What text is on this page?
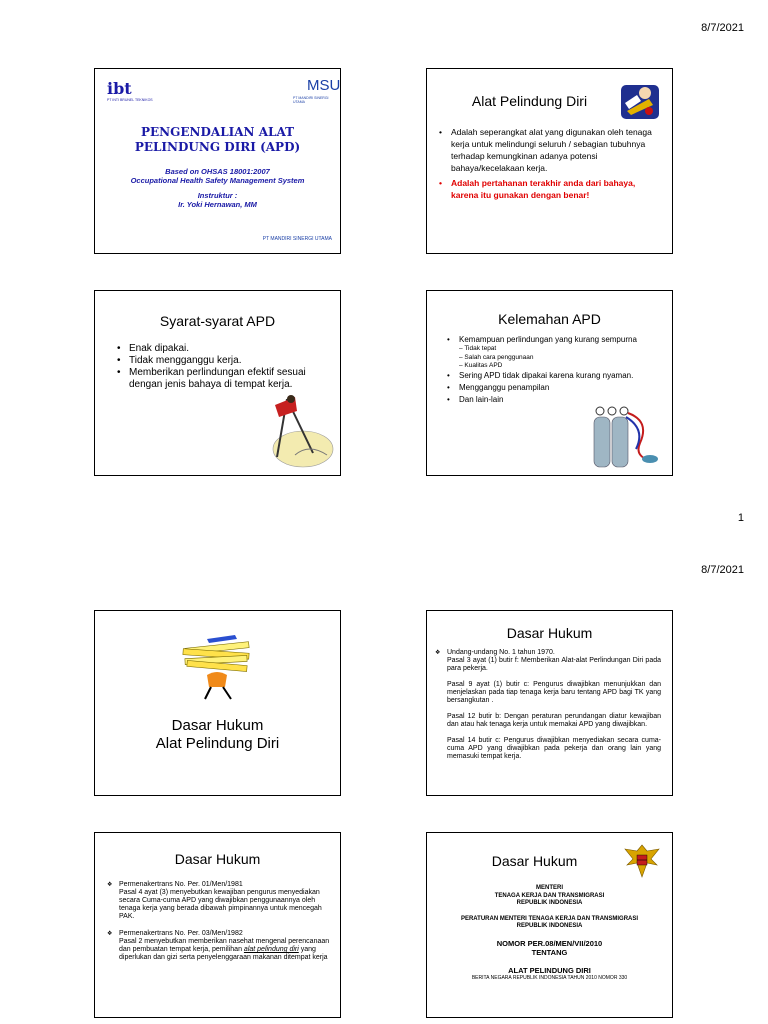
8/7/2021
ibt
PT INTI BRUNEL TEKNIKOS
MSU
PT MANDIRI SINERGI UTAMA
PENGENDALIAN ALAT
PELINDUNG DIRI (APD)
Based on OHSAS 18001:2007
Occupational Health Safety Management System
Instruktur :
Ir. Yoki Hernawan, MM
PT MANDIRI SINERGI UTAMA
Alat Pelindung Diri
• Adalah seperangkat alat yang digunakan oleh tenaga kerja untuk melindungi seluruh / sebagian tubuhnya terhadap kemungkinan adanya potensi bahaya/kecelakaan kerja.
• Adalah pertahanan terakhir anda dari bahaya, karena itu gunakan dengan benar!
Syarat-syarat APD
• Enak dipakai.
• Tidak mengganggu kerja.
• Memberikan perlindungan efektif sesuai dengan jenis bahaya di tempat kerja.
Kelemahan APD
• Kemampuan perlindungan yang kurang sempurna
– Tidak tepat
– Salah cara penggunaan
– Kualitas APD
• Sering APD tidak dipakai karena kurang nyaman.
• Mengganggu penampilan
• Dan lain-lain
1
8/7/2021
Dasar Hukum
Alat Pelindung Diri
Dasar Hukum
❖ Undang-undang No. 1 tahun 1970.
Pasal 3 ayat (1) butir f: Memberikan Alat-alat Perlindungan Diri pada para pekerja.
Pasal 9 ayat (1) butir c: Pengurus diwajibkan menunjukkan dan menjelaskan pada tiap tenaga kerja baru tentang APD bagi TK yang bersangkutan .
Pasal 12 butir b: Dengan peraturan perundangan diatur kewajiban dan atau hak tenaga kerja untuk memakai APD yang diwajibkan.
Pasal 14 butir c: Pengurus diwajibkan menyediakan secara cuma-cuma APD yang diwajibkan pada pekerja dan orang lain yang memasuki tempat kerja.
Dasar Hukum
❖ Permenakertrans No. Per. 01/Men/1981
Pasal 4 ayat (3) menyebutkan kewajiban pengurus menyediakan secara Cuma-cuma APD yang diwajibkan penggunaannya oleh tenaga kerja yang berada dibawah pimpinannya untuk mencegah PAK.
❖ Permenakertrans No. Per. 03/Men/1982
Pasal 2 menyebutkan memberikan nasehat mengenal perencanaan dan pembuatan tempat kerja, pemilihan alat pelindung diri yang diperlukan dan gizi serta penyelenggaraan makanan ditempat kerja
Dasar Hukum
MENTERI
TENAGA KERJA DAN TRANSMIGRASI
REPUBLIK INDONESIA
PERATURAN MENTERI TENAGA KERJA DAN TRANSMIGRASI
REPUBLIK INDONESIA
NOMOR PER.08/MEN/VII/2010
TENTANG
ALAT PELINDUNG DIRI
BERITA NEGARA REPUBLIK INDONESIA TAHUN 2010 NOMOR 330
